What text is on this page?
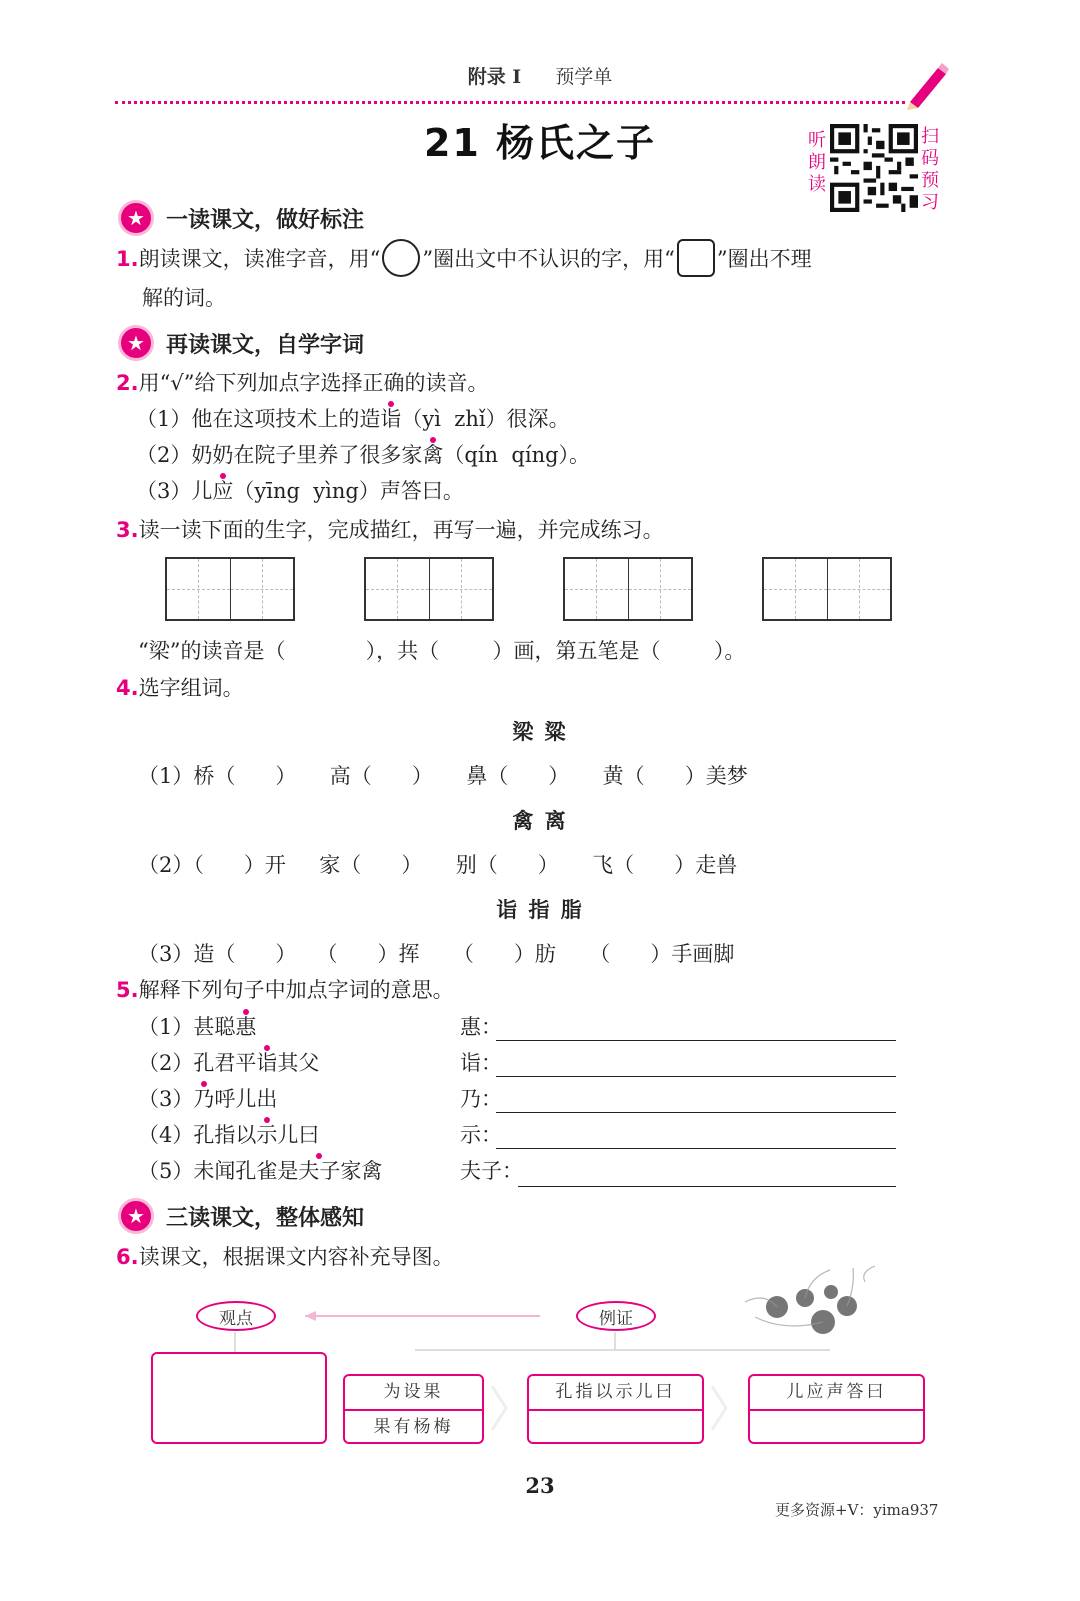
附录 I 预学单
21 杨氏之子	听朗读
扫码预习
★ 一读课文，做好标注
1.朗读课文，读准字音，用“ ○ ”圈出文中不认识的字，用“ ”圈出不理
解的词。
★ 再读课文，自学字词
2.用“√”给下列加点字选择正确的读音。
（1）他在这项技术上的造诣（yì  zhǐ）很深。
（2）奶奶在院子里养了很多家禽（qín  qíng）。
（3）儿应（yīng  yìng）声答曰。
3.读一读下面的生字，完成描红，再写一遍，并完成练习。
“梁”的读音是（            ），共（        ）画，第五笔是（        ）。
4.选字组词。
梁 粱
（1）桥（      ）     高（      ）     鼻（      ）     黄（      ）美梦
禽 离
（2）（      ）开     家（      ）     别（      ）     飞（      ）走兽
诣 指 脂
（3）造（      ）   （      ）挥     （      ）肪     （      ）手画脚
5.解释下列句子中加点字词的意思。
（1）甚聪惠	惠：
（2）孔君平诣其父	诣：
（3）乃呼儿出	乃：
（4）孔指以示儿曰	示：
（5）未闻孔雀是夫子家禽	夫子：
★ 三读课文，整体感知
6.读课文，根据课文内容补充导图。
观点	例证
为设果
果有杨梅
孔指以示儿曰	儿应声答曰
23
更多资源+V：yima937
